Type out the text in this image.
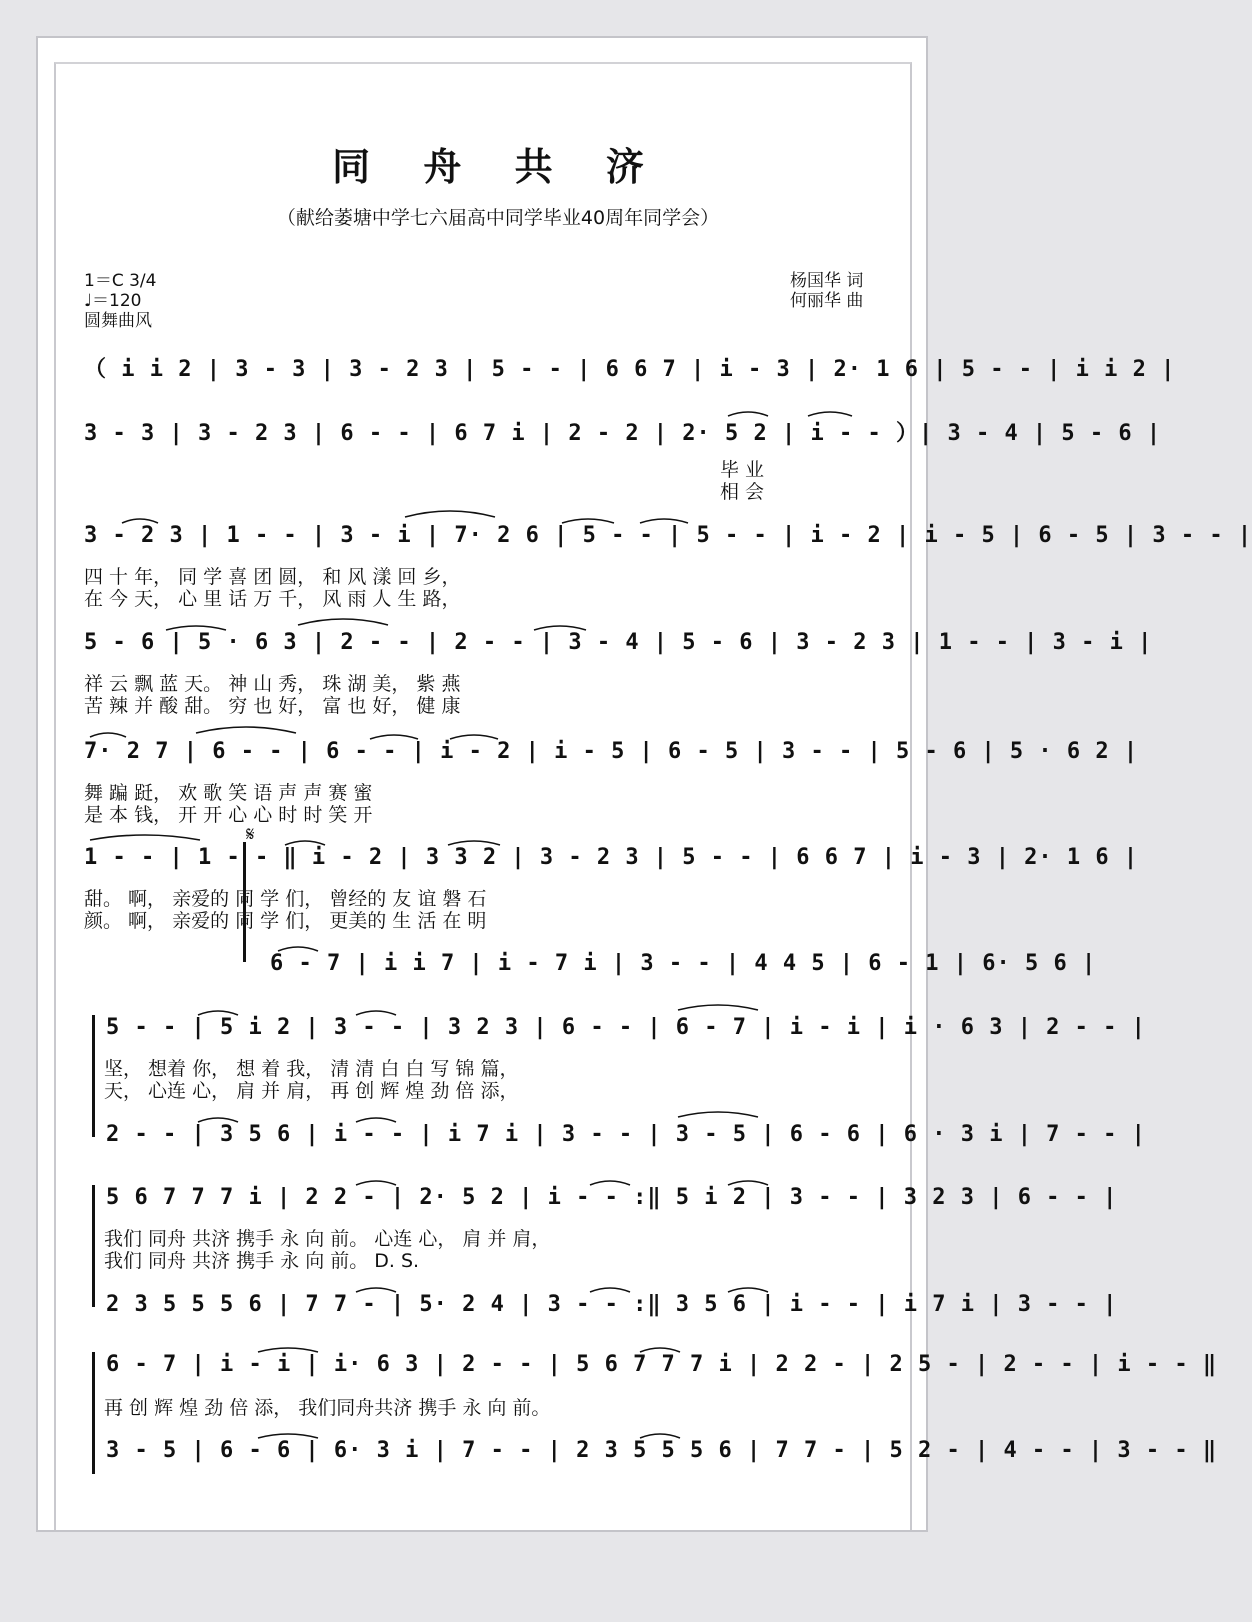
同 舟 共 济
（献给萎塘中学七六届高中同学毕业40周年同学会）
1＝C 3/4
♩＝120
圆舞曲风
杨国华 词
何丽华 曲
（ i i 2 | 3 - 3 | 3 - 2 3 | 5 - - | 6 6 7 | i - 3 | 2· 1 6 | 5 - - | i i 2 |
3 - 3 | 3 - 2 3 | 6 - - | 6 7 i | 2 - 2 | 2· 5 2 | i - - ）| 3 - 4 | 5 - 6 |
毕 业
相 会
3 - 2 3 | 1 - - | 3 - i | 7· 2 6 | 5 - - | 5 - - | i - 2 | i - 5 | 6 - 5 | 3 - - |
四 十 年， 同 学 喜 团 圆， 和 风 漾 回 乡，
在 今 天， 心 里 话 万 千， 风 雨 人 生 路，
5 - 6 | 5 · 6 3 | 2 - - | 2 - - | 3 - 4 | 5 - 6 | 3 - 2 3 | 1 - - | 3 - i |
祥 云 飘 蓝 天。 神 山 秀， 珠 湖 美， 紫 燕
苦 辣 并 酸 甜。 穷 也 好， 富 也 好， 健 康
7· 2 7 | 6 - - | 6 - - | i - 2 | i - 5 | 6 - 5 | 3 - - | 5 - 6 | 5 · 6 2 |
舞 蹁 跹， 欢 歌 笑 语 声 声 赛 蜜
是 本 钱， 开 开 心 心 时 时 笑 开
𝄋
1 - - | 1 - - ‖ i - 2 | 3 3 2 | 3 - 2 3 | 5 - - | 6 6 7 | i - 3 | 2· 1 6 |
甜。 啊， 亲爱的 同 学 们， 曾经的 友 谊 磐 石
颜。 啊， 亲爱的 同 学 们， 更美的 生 活 在 明
6 - 7 | i i 7 | i - 7 i | 3 - - | 4 4 5 | 6 - 1 | 6· 5 6 |
5 - - | 5 i 2 | 3 - - | 3 2 3 | 6 - - | 6 - 7 | i - i | i · 6 3 | 2 - - |
坚， 想着 你， 想 着 我， 清 清 白 白 写 锦 篇，
天， 心连 心， 肩 并 肩， 再 创 辉 煌 劲 倍 添，
2 - - | 3 5 6 | i - - | i 7 i | 3 - - | 3 - 5 | 6 - 6 | 6 · 3 i | 7 - - |
5 6 7 7 7 i | 2 2 - | 2· 5 2 | i - - :‖ 5 i 2 | 3 - - | 3 2 3 | 6 - - |
我们 同舟 共济 携手 永 向 前。 心连 心， 肩 并 肩，
我们 同舟 共济 携手 永 向 前。 D. S.
2 3 5 5 5 6 | 7 7 - | 5· 2 4 | 3 - - :‖ 3 5 6 | i - - | i 7 i | 3 - - |
6 - 7 | i - i | i· 6 3 | 2 - - | 5 6 7 7 7 i | 2 2 - | 2 5 - | 2 - - | i - - ‖
再 创 辉 煌 劲 倍 添， 我们同舟共济 携手 永 向 前。
3 - 5 | 6 - 6 | 6· 3 i | 7 - - | 2 3 5 5 5 6 | 7 7 - | 5 2 - | 4 - - | 3 - - ‖
